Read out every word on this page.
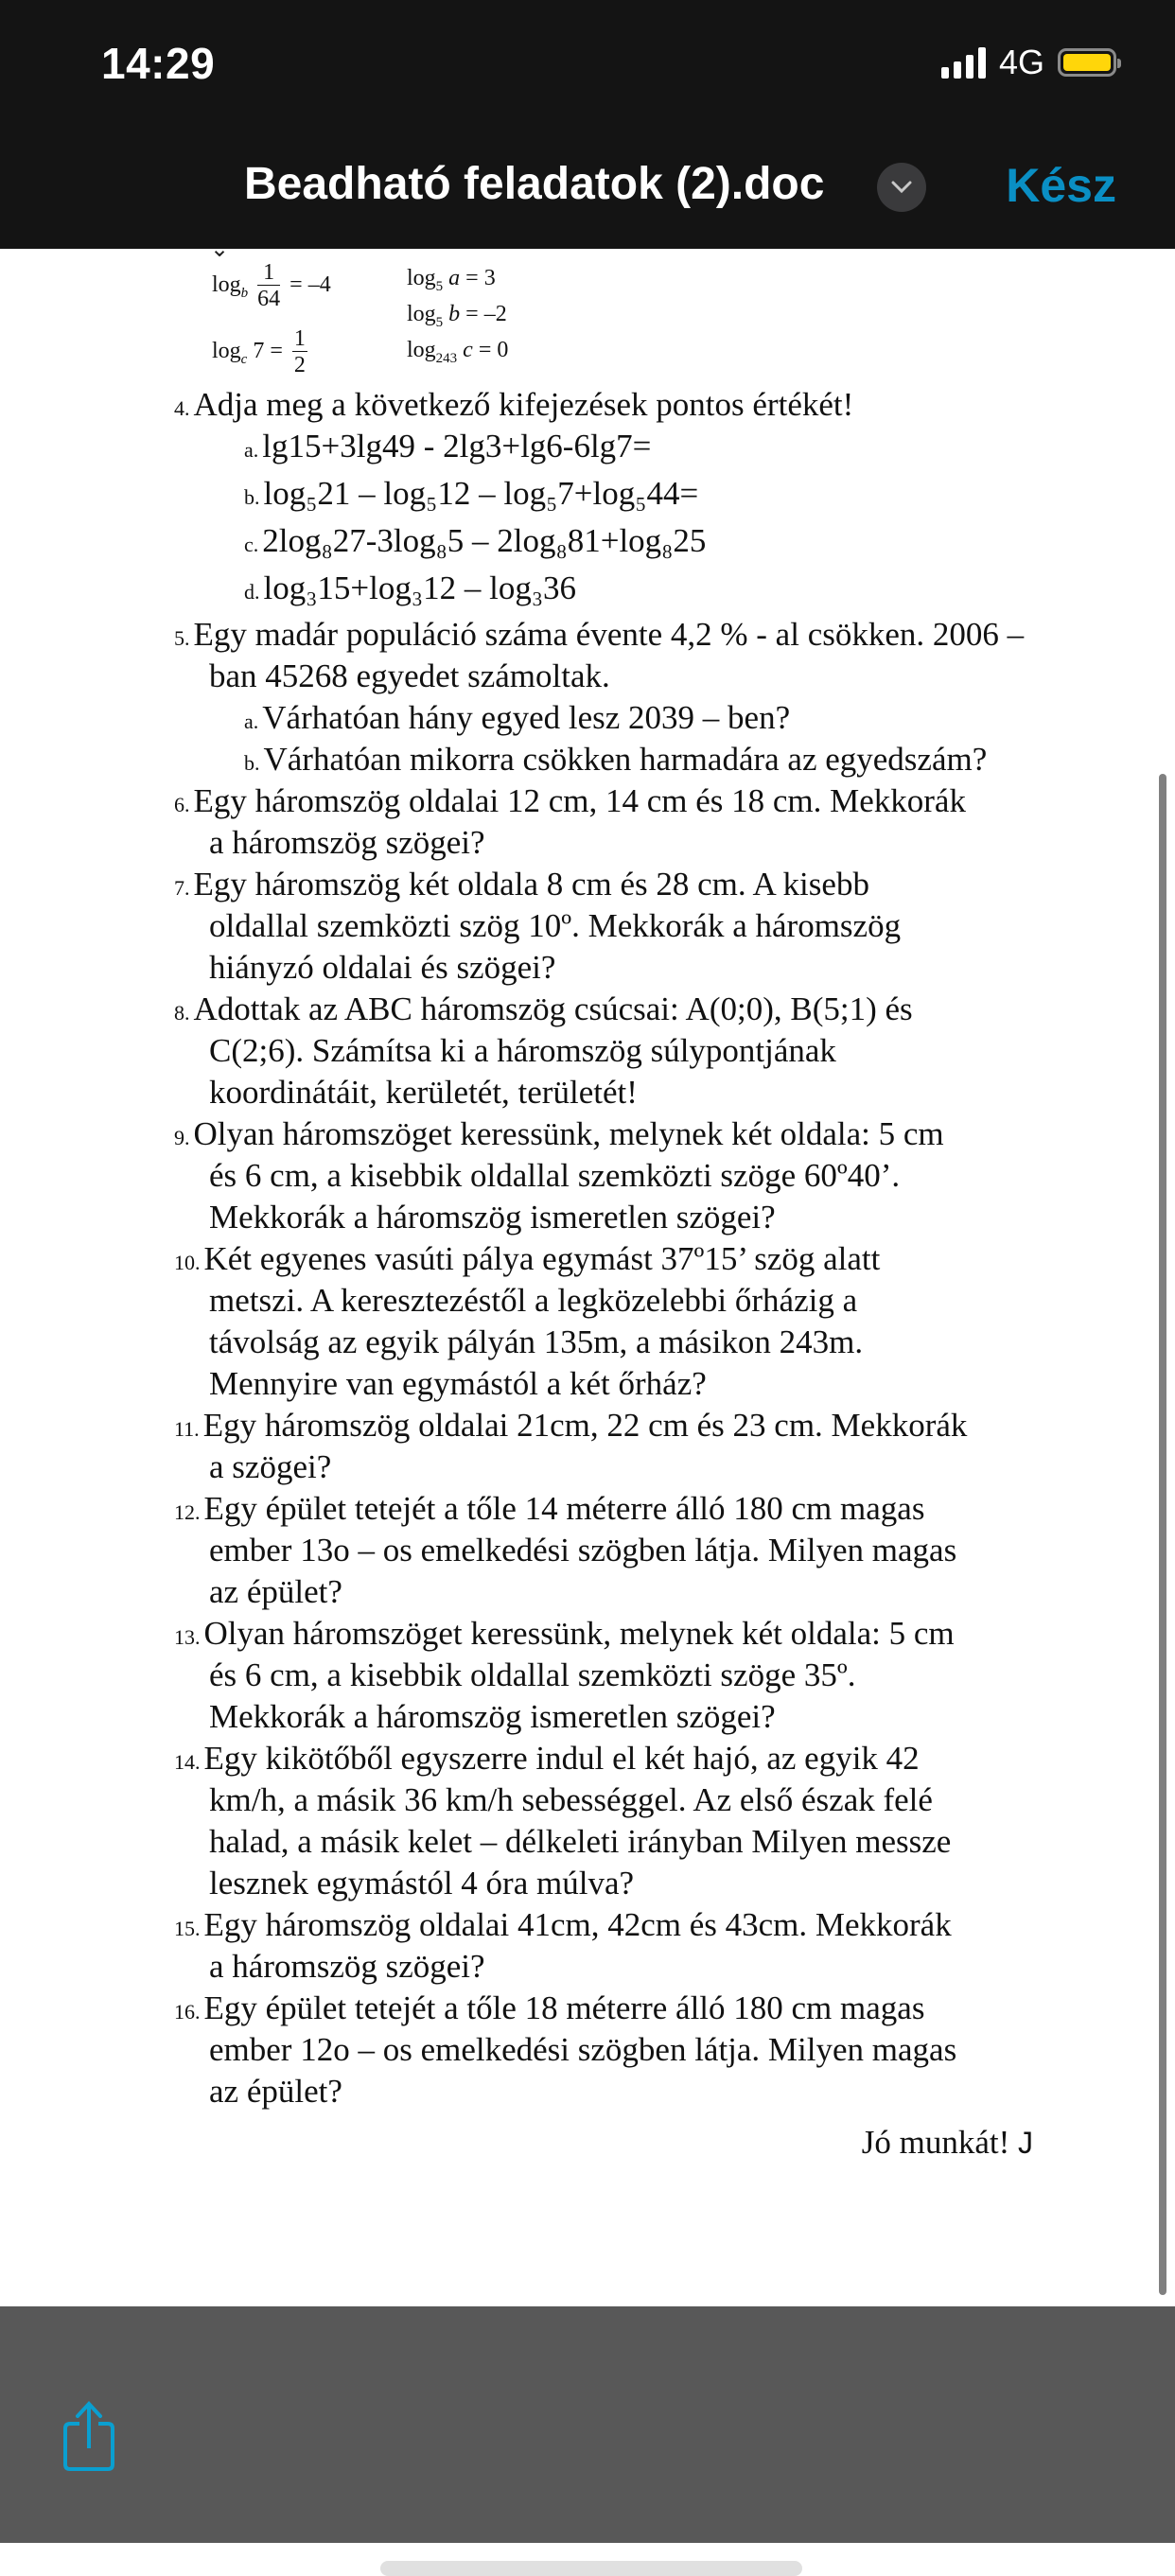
14:29	4G
Beadható feladatok (2).doc	Kész
⌄
$\log_b \frac{1}{64} = -4$
$\log_c 7 = \frac{1}{2}$
$\log_5 a = 3$
$\log_5 b = -2$
$\log_{243} c = 0$
4. Adja meg a következő kifejezések pontos értékét!
a. lg15+3lg49 - 2lg3+lg6-6lg7=
b. log₅21 – log₅12 – log₅7+log₅44=
c. 2log₈27-3log₈5 – 2log₈81+log₈25
d. log₃15+log₃12 – log₃36
5. Egy madár populáció száma évente 4,2 % - al csökken. 2006 –
ban 45268 egyedet számoltak.
a. Várhatóan hány egyed lesz 2039 – ben?
b. Várhatóan mikorra csökken harmadára az egyedszám?
6. Egy háromszög oldalai 12 cm, 14 cm és 18 cm. Mekkorák
a háromszög szögei?
7. Egy háromszög két oldala 8 cm és 28 cm. A kisebb
oldallal szemközti szög 10º. Mekkorák a háromszög
hiányzó oldalai és szögei?
8. Adottak az ABC háromszög csúcsai: A(0;0), B(5;1) és
C(2;6). Számítsa ki a háromszög súlypontjának
koordinátáit, kerületét, területét!
9. Olyan háromszöget keressünk, melynek két oldala: 5 cm
és 6 cm, a kisebbik oldallal szemközti szöge 60º40’.
Mekkorák a háromszög ismeretlen szögei?
10. Két egyenes vasúti pálya egymást 37º15’ szög alatt
metszi. A keresztezéstől a legközelebbi őrházig a
távolság az egyik pályán 135m, a másikon 243m.
Mennyire van egymástól a két őrház?
11. Egy háromszög oldalai 21cm, 22 cm és 23 cm. Mekkorák
a szögei?
12. Egy épület tetejét a tőle 14 méterre álló 180 cm magas
ember 13o – os emelkedési szögben látja. Milyen magas
az épület?
13. Olyan háromszöget keressünk, melynek két oldala: 5 cm
és 6 cm, a kisebbik oldallal szemközti szöge 35º.
Mekkorák a háromszög ismeretlen szögei?
14. Egy kikötőből egyszerre indul el két hajó, az egyik 42
km/h, a másik 36 km/h sebességgel. Az első észak felé
halad, a másik kelet – délkeleti irányban Milyen messze
lesznek egymástól 4 óra múlva?
15. Egy háromszög oldalai 41cm, 42cm és 43cm. Mekkorák
a háromszög szögei?
16. Egy épület tetejét a tőle 18 méterre álló 180 cm magas
ember 12o – os emelkedési szögben látja. Milyen magas
az épület?
Jó munkát! J
